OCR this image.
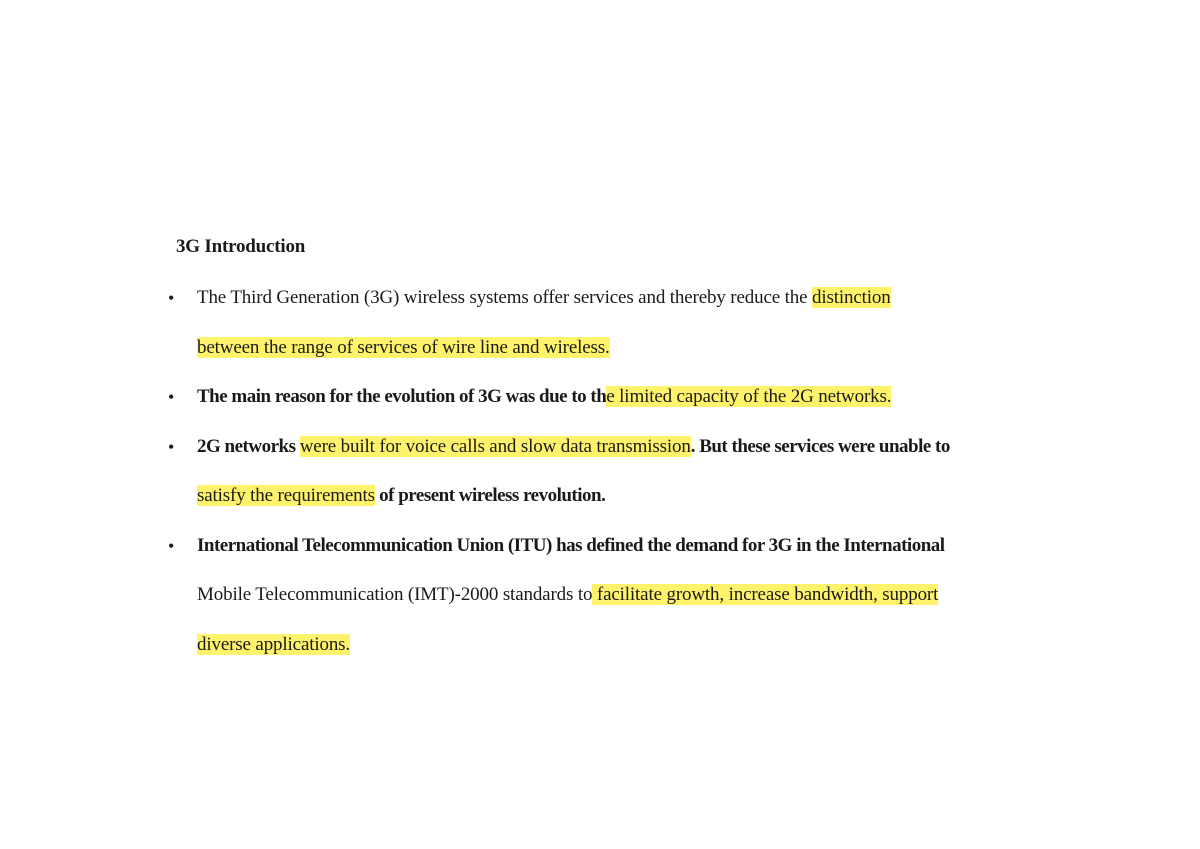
3G Introduction
• The Third Generation (3G) wireless systems offer services and thereby reduce the distinction
between the range of services of wire line and wireless.
• The main reason for the evolution of 3G was due to the limited capacity of the 2G networks.
• 2G networks were built for voice calls and slow data transmission. But these services were unable to
satisfy the requirements of present wireless revolution.
• International Telecommunication Union (ITU) has defined the demand for 3G in the International
Mobile Telecommunication (IMT)-2000 standards to facilitate growth, increase bandwidth, support
diverse applications.
